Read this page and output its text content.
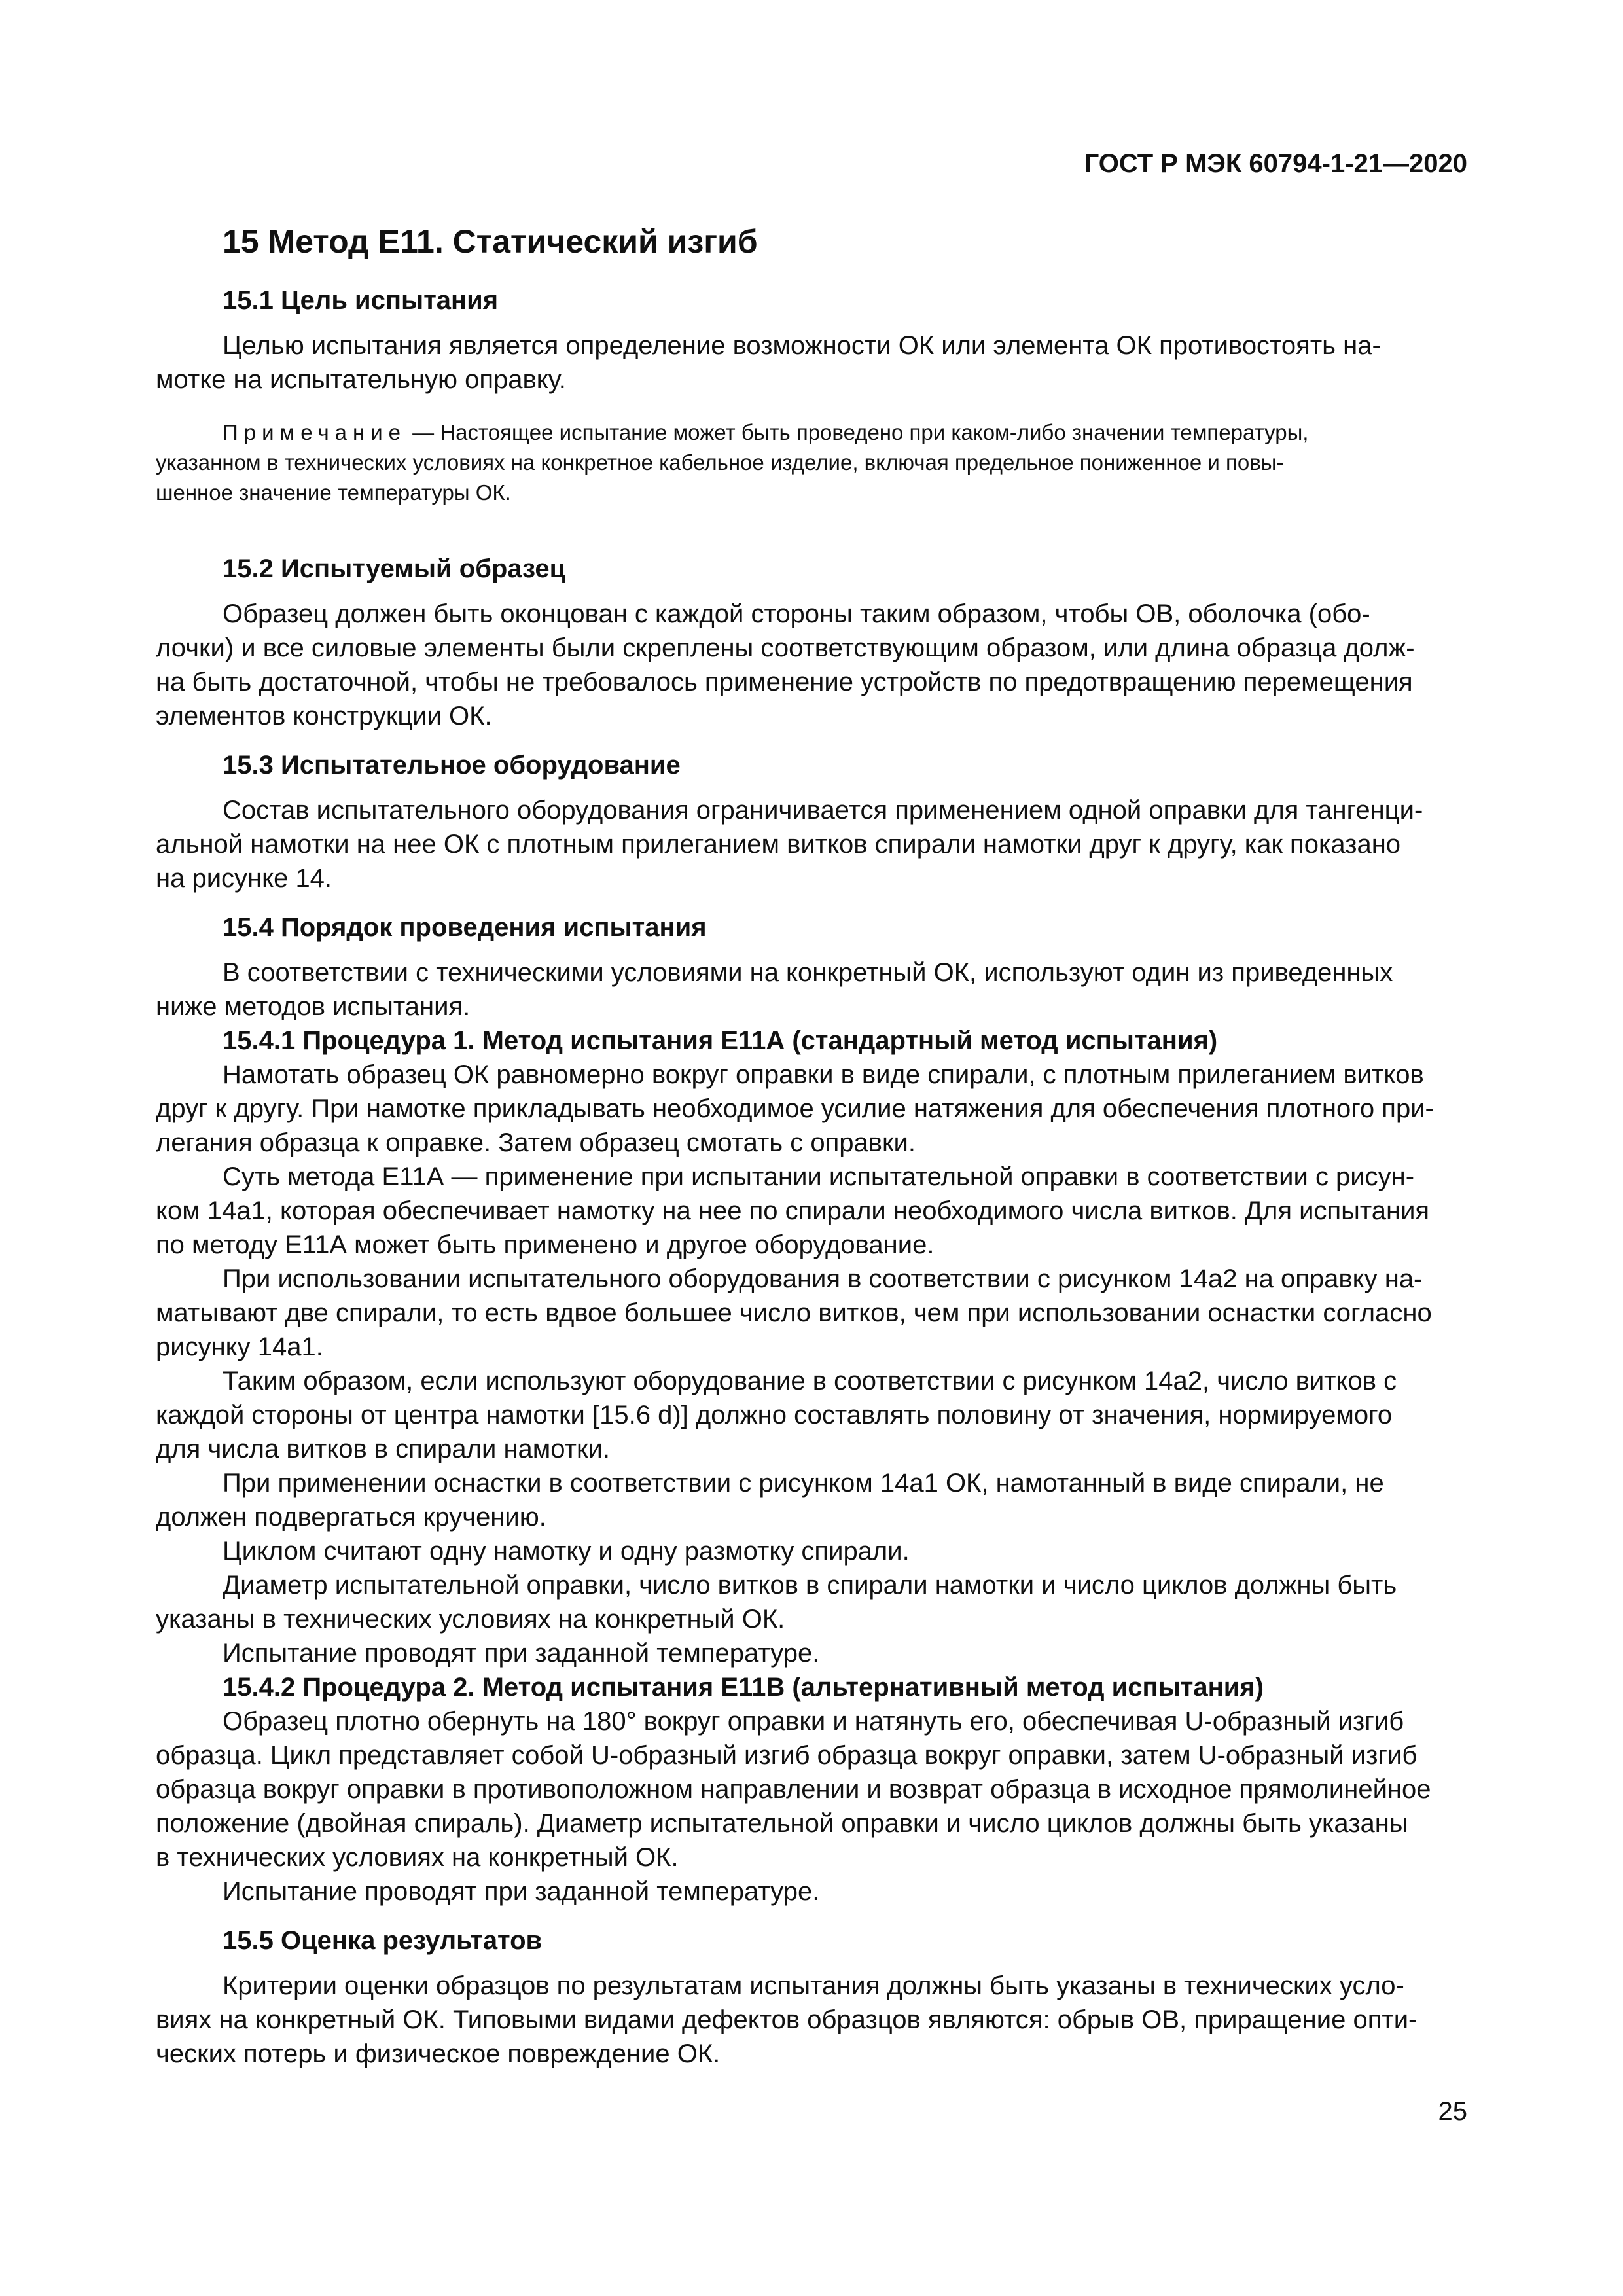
ГОСТ Р МЭК 60794-1-21—2020
15 Метод Е11. Статический изгиб
15.1 Цель испытания

Целью испытания является определение возможности ОК или элемента ОК противостоять на-
мотке на испытательную оправку.

Примечание — Настоящее испытание может быть проведено при каком-либо значении температуры,
указанном в технических условиях на конкретное кабельное изделие, включая предельное пониженное и повы-
шенное значение температуры ОК.

15.2 Испытуемый образец

Образец должен быть оконцован с каждой стороны таким образом, чтобы ОВ, оболочка (обо-
лочки) и все силовые элементы были скреплены соответствующим образом, или длина образца долж-
на быть достаточной, чтобы не требовалось применение устройств по предотвращению перемещения
элементов конструкции ОК.

15.3 Испытательное оборудование

Состав испытательного оборудования ограничивается применением одной оправки для тангенци-
альной намотки на нее ОК с плотным прилеганием витков спирали намотки друг к другу, как показано
на рисунке 14.

15.4 Порядок проведения испытания

В соответствии с техническими условиями на конкретный ОК, используют один из приведенных
ниже методов испытания.

15.4.1 Процедура 1. Метод испытания Е11А (стандартный метод испытания)

Намотать образец ОК равномерно вокруг оправки в виде спирали, с плотным прилеганием витков
друг к другу. При намотке прикладывать необходимое усилие натяжения для обеспечения плотного при-
легания образца к оправке. Затем образец смотать с оправки.

Суть метода Е11А — применение при испытании испытательной оправки в соответствии с рисун-
ком 14а1, которая обеспечивает намотку на нее по спирали необходимого числа витков. Для испытания
по методу Е11А может быть применено и другое оборудование.

При использовании испытательного оборудования в соответствии с рисунком 14а2 на оправку на-
матывают две спирали, то есть вдвое большее число витков, чем при использовании оснастки согласно
рисунку 14а1.

Таким образом, если используют оборудование в соответствии с рисунком 14а2, число витков с
каждой стороны от центра намотки [15.6 d)] должно составлять половину от значения, нормируемого
для числа витков в спирали намотки.

При применении оснастки в соответствии с рисунком 14а1 ОК, намотанный в виде спирали, не
должен подвергаться кручению.

Циклом считают одну намотку и одну размотку спирали.

Диаметр испытательной оправки, число витков в спирали намотки и число циклов должны быть
указаны в технических условиях на конкретный ОК.

Испытание проводят при заданной температуре.

15.4.2 Процедура 2. Метод испытания Е11В (альтернативный метод испытания)

Образец плотно обернуть на 180° вокруг оправки и натянуть его, обеспечивая U-образный изгиб
образца. Цикл представляет собой U-образный изгиб образца вокруг оправки, затем U-образный изгиб
образца вокруг оправки в противоположном направлении и возврат образца в исходное прямолинейное
положение (двойная спираль). Диаметр испытательной оправки и число циклов должны быть указаны
в технических условиях на конкретный ОК.

Испытание проводят при заданной температуре.

15.5 Оценка результатов

Критерии оценки образцов по результатам испытания должны быть указаны в технических усло-
виях на конкретный ОК. Типовыми видами дефектов образцов являются: обрыв ОВ, приращение опти-
ческих потерь и физическое повреждение ОК.

25
